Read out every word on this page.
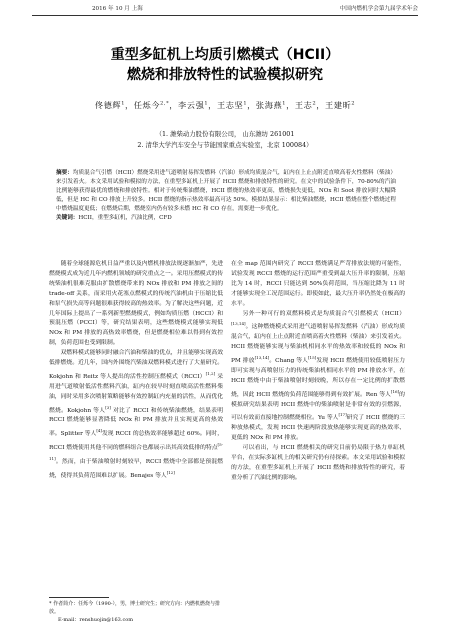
2016 年 10 月 上海	中国内燃机学会第九届学术年会
重型多缸机上均质引燃模式（HCII）
燃烧和排放特性的试验模拟研究
佟德辉$^1$，任烁今$^{2,*}$，李云强$^1$，王志坚$^1$，张海燕$^1$，王志$^2$，王建昕$^2$
（1. 潍柴动力股份有限公司， 山东潍坊 261001
2. 清华大学汽车安全与节能国家重点实验室，北京 100084）
摘要：均质混合气引燃（HCII）燃烧采用进气道喷射易挥发燃料（汽油）形成均质混合气，缸内在上止点附近直喷高着火性燃料（柴油）来引发着火。本文采用试验和模拟的方法，在重型多缸机上开展了 HCII 燃烧和排放特性的研究。在文中的试验条件下，70-80%的汽油比例能够获得最优的燃烧和排放特性。相对于传统柴油燃烧，HCII 燃烧的热效率更高，燃烧损失更低，NOx 和 Soot 排放同时大幅降低，但是 HC 和 CO 排放上升较多。HCII 燃烧的指示热效率最高可达 50%。模拟结果显示：相比柴油燃烧，HCII 燃烧在整个燃烧过程中燃烧温度更低；在燃烧后期，燃烧室内仍有较多未燃 HC 和 CO 存在，需要进一步优化。
关键词：HCII，重型多缸机，汽油比例，CFD

随着全球能源危机日益严重以及内燃机排放法规逐渐加严，先进燃烧模式成为近几年内燃机领域的研究重点之一。采用压燃模式的传统柴油机很难克服由扩散燃烧带来的 NOx 排放和 PM 排放之间的 trade-off 关系，而采用火花塞点燃模式的传统汽油机由于压缩比低和泵气损失高等问题很难获得较高的热效率。为了解决这些问题，近几年国际上提出了一系列新型燃烧模式，例如均质压燃（HCCI）和预混压燃（PCCI）等，研究结果表明，这些燃烧模式能够实现低 NOx 和 PM 排放的高热效率燃烧，但是燃烧相位难以得到有效控制，负荷范围也受到限制。

双燃料模式能够同时融合汽油和柴油的优点，并且能够实现高效低排燃烧。近几年，国内外围绕汽柴油双燃料模式进行了大量研究。Kokjohn 和 Reitz 等人提出的活性控制压燃模式（RCCI）[1,2] 采用进气道喷射低活性燃料汽油，缸内在较早时刻直喷高活性燃料柴油，同时采用多次喷射策略能够有效控制缸内充量的活性，从而优化燃烧。Kokjohn 等人[3] 对比了 RCCI 和传统柴油燃烧，结果表明 RCCI 燃烧能够显著降低 NOx 和 PM 排放并且实现更高的热效率。Splitter 等人[4]发现 RCCI 的总热效率能够超过 60%。同时，RCCI 燃烧使用其他不同的燃料组合也都展示出其高效低排的特点[5-11]。然而，由于柴油喷射时刻较早，RCCI 燃烧中全部都是预混燃烧，使得其负荷范围难以扩展。Benajes 等人[12]

在全 map 范围内研究了 RCCI 燃烧满足严苛排放法规的可能性，试验发现 RCCI 燃烧的运行范围严重受到最大压升率的限制，压缩比为 14 时，RCCI 只能达到 50%负荷范围，当压缩比降为 11 时才能够实现全工况范围运行。即使如此，最大压升率仍然处在极高的水平。

另外一种可行的双燃料模式是均质混合气引燃模式（HCII）[13,14]。这种燃烧模式采用进气道喷射易挥发燃料（汽油）形成均质混合气，缸内在上止点附近直喷高着火性燃料（柴油）来引发着火。HCII 燃烧能够实现与柴油机相同水平的热效率和较低的 NOx 和 PM 排放[13,14]。Chang 等人[15]发现 HCII 燃烧使用较低喷射压力即可实现与高喷射压力的传统柴油机相同水平的 PM 排放水平，在 HCII 燃烧中由于柴油喷射时刻较晚，所以存在一定比例的扩散燃烧，因此 HCII 燃烧的负荷范围能够得到有效扩展。Ren 等人[16]的模拟研究结果表明 HCII 燃烧中的柴油喷射是非常有效的引燃源，可以有效而直接地控制燃烧相位。Yu 等人[17]研究了 HCII 燃烧的三种放热模式，发现 HCII 快速两阶段放热能够实现更高的热效率、更低的 NOx 和 PM 排放。

可以看出，与 HCII 燃烧相关的研究目前仍局限于热力单缸机平台，在实际多缸机上的相关研究仍有待探索。本文采用试验和模拟的方法，在重型多缸机上开展了 HCII 燃烧和排放特性的研究，着重分析了汽油比例的影响。

* 作者简介：任烁今（1990-），男，博士研究生；研究方向：内燃机燃烧与排放。
E-mail：renshuojin@163.com
